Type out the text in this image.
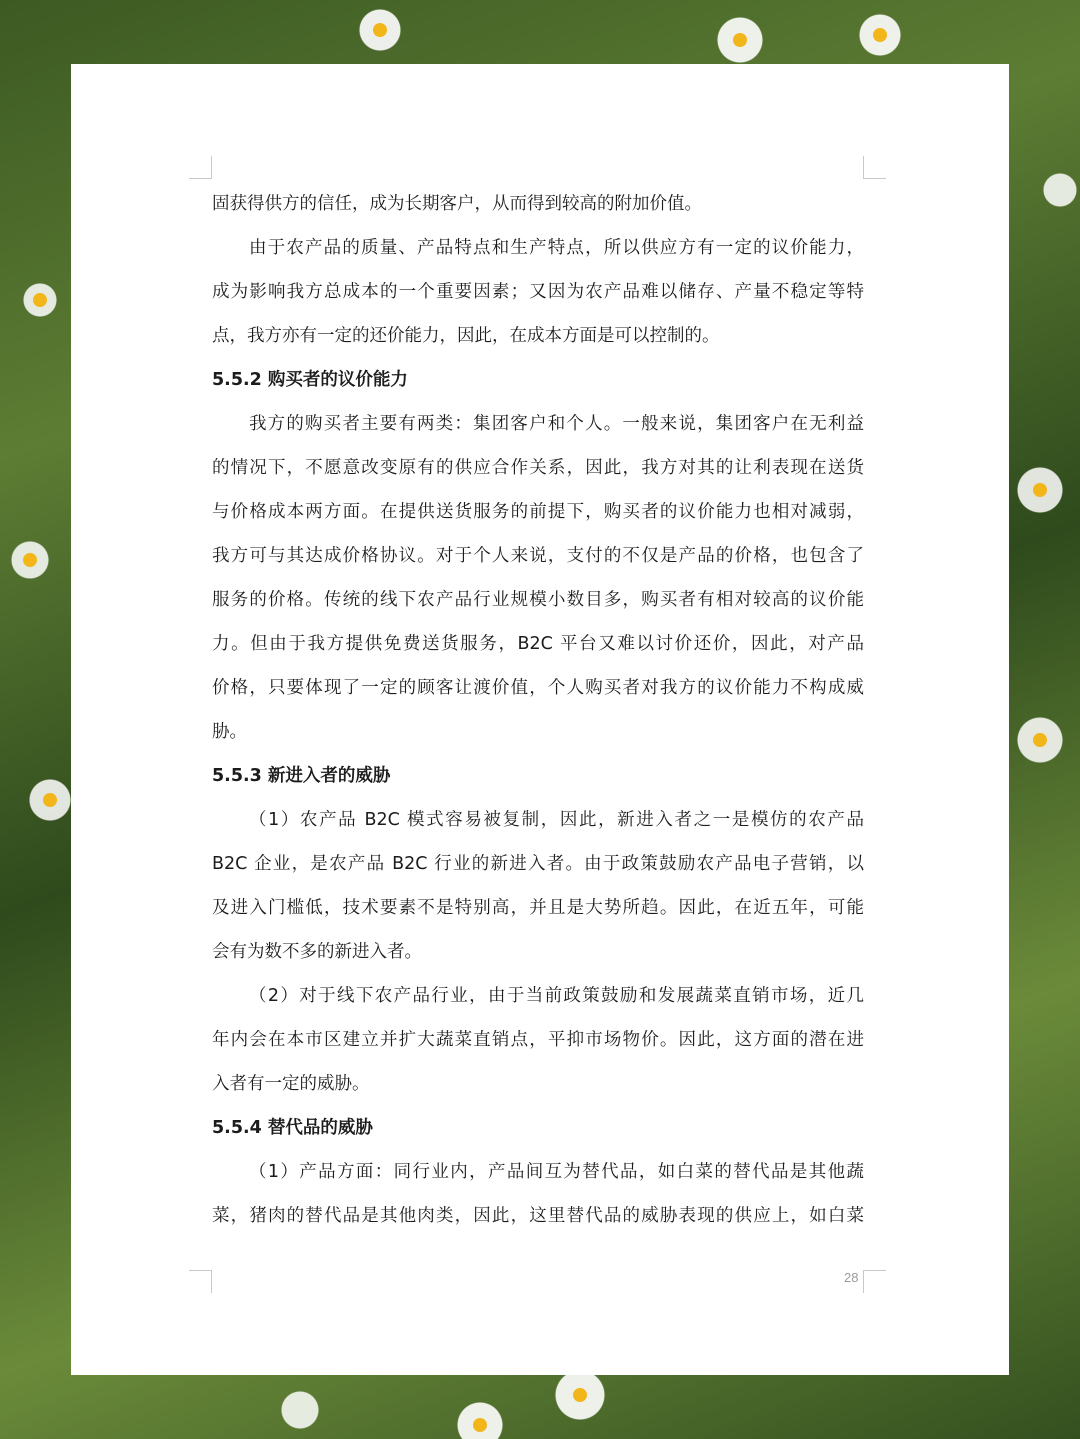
固获得供方的信任，成为长期客户，从而得到较高的附加价值。
由于农产品的质量、产品特点和生产特点，所以供应方有一定的议价能力，
成为影响我方总成本的一个重要因素；又因为农产品难以储存、产量不稳定等特
点，我方亦有一定的还价能力，因此，在成本方面是可以控制的。
5.5.2 购买者的议价能力
我方的购买者主要有两类：集团客户和个人。一般来说，集团客户在无利益
的情况下，不愿意改变原有的供应合作关系，因此，我方对其的让利表现在送货
与价格成本两方面。在提供送货服务的前提下，购买者的议价能力也相对减弱，
我方可与其达成价格协议。对于个人来说，支付的不仅是产品的价格，也包含了
服务的价格。传统的线下农产品行业规模小数目多，购买者有相对较高的议价能
力。但由于我方提供免费送货服务，B2C 平台又难以讨价还价，因此，对产品
价格，只要体现了一定的顾客让渡价值，个人购买者对我方的议价能力不构成威
胁。
5.5.3 新进入者的威胁
（1）农产品 B2C 模式容易被复制，因此，新进入者之一是模仿的农产品
B2C 企业，是农产品 B2C 行业的新进入者。由于政策鼓励农产品电子营销，以
及进入门槛低，技术要素不是特别高，并且是大势所趋。因此，在近五年，可能
会有为数不多的新进入者。
（2）对于线下农产品行业，由于当前政策鼓励和发展蔬菜直销市场，近几
年内会在本市区建立并扩大蔬菜直销点，平抑市场物价。因此，这方面的潜在进
入者有一定的威胁。
5.5.4 替代品的威胁
（1）产品方面：同行业内，产品间互为替代品，如白菜的替代品是其他蔬
菜，猪肉的替代品是其他肉类，因此，这里替代品的威胁表现的供应上，如白菜
28
